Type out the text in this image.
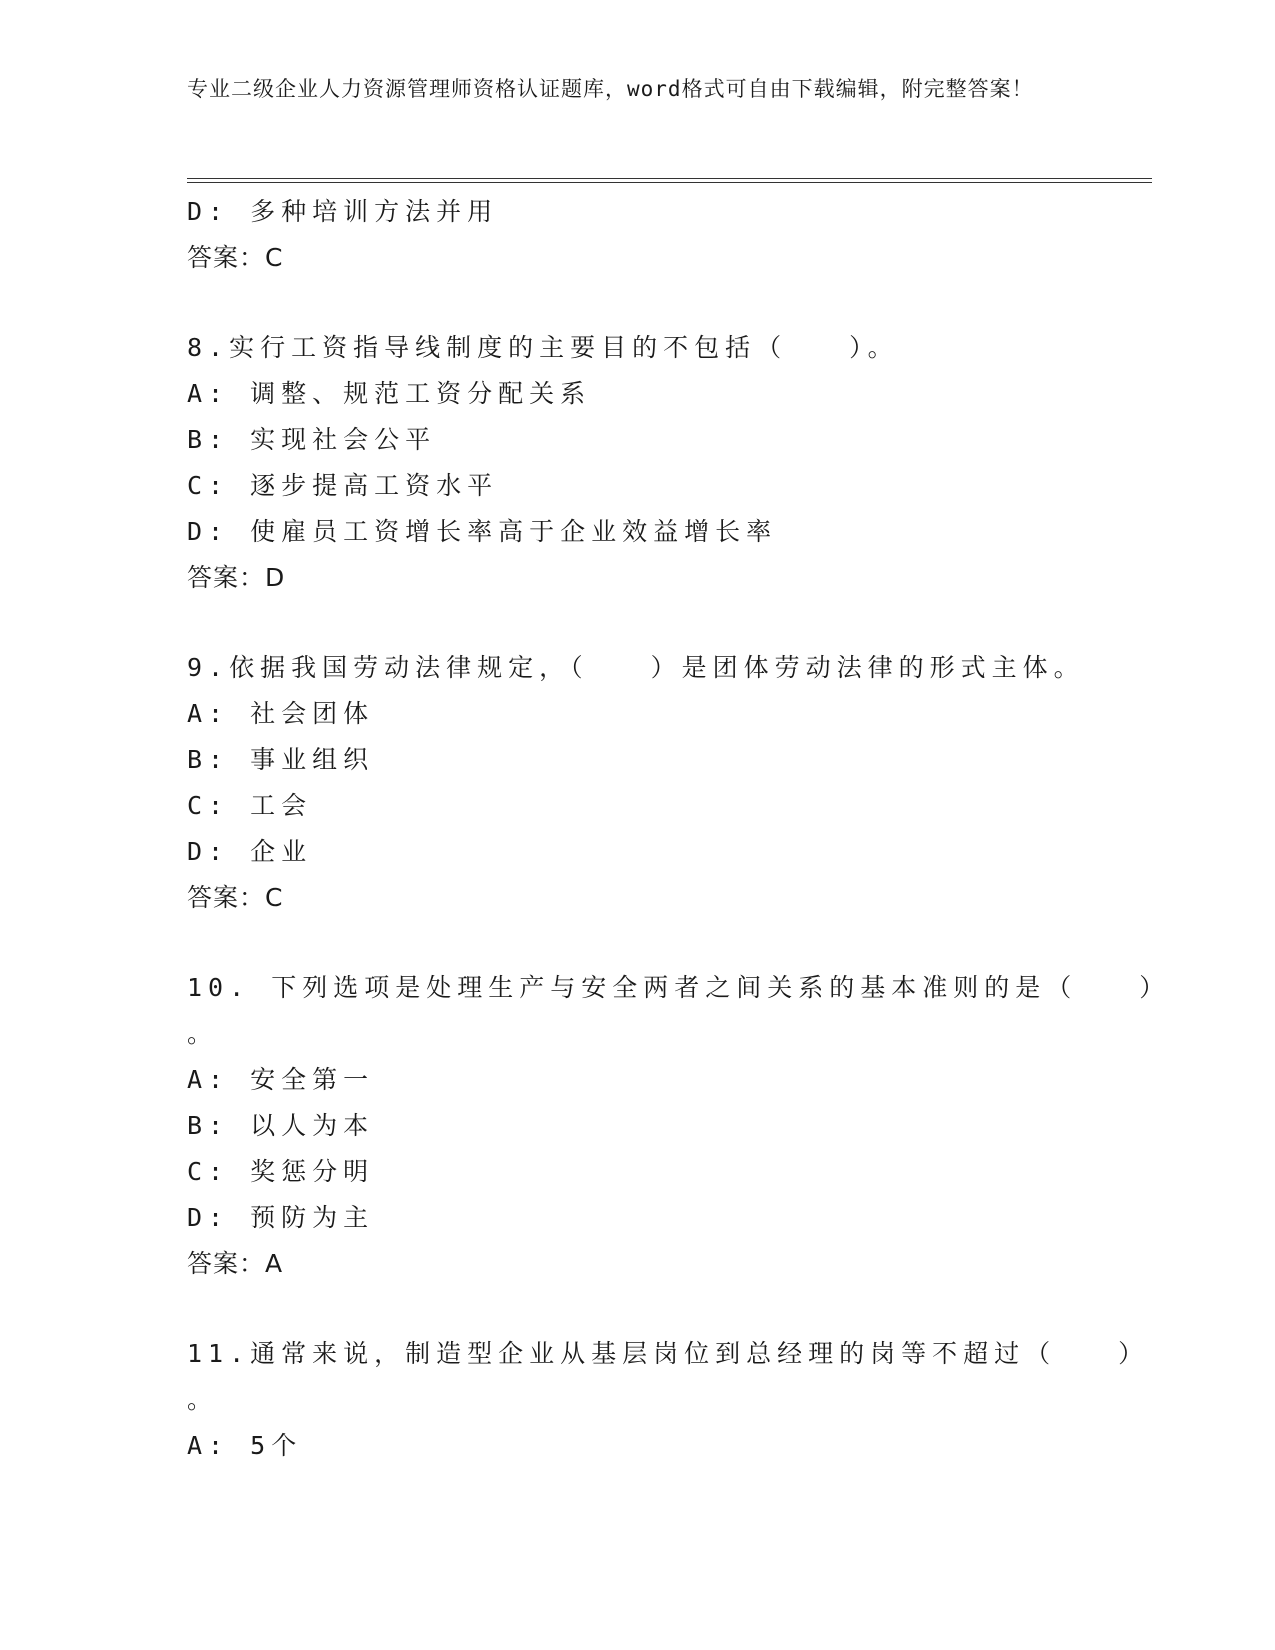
专业二级企业人力资源管理师资格认证题库，word格式可自由下载编辑，附完整答案！
D: 多种培训方法并用
答案：C
8.实行工资指导线制度的主要目的不包括（　　）。
A: 调整、规范工资分配关系
B: 实现社会公平
C: 逐步提高工资水平
D: 使雇员工资增长率高于企业效益增长率
答案：D
9.依据我国劳动法律规定，（　　）是团体劳动法律的形式主体。
A: 社会团体
B: 事业组织
C: 工会
D: 企业
答案：C
10. 下列选项是处理生产与安全两者之间关系的基本准则的是（　　）
。
A: 安全第一
B: 以人为本
C: 奖惩分明
D: 预防为主
答案：A
11.通常来说，制造型企业从基层岗位到总经理的岗等不超过（　　）
。
A: 5个
